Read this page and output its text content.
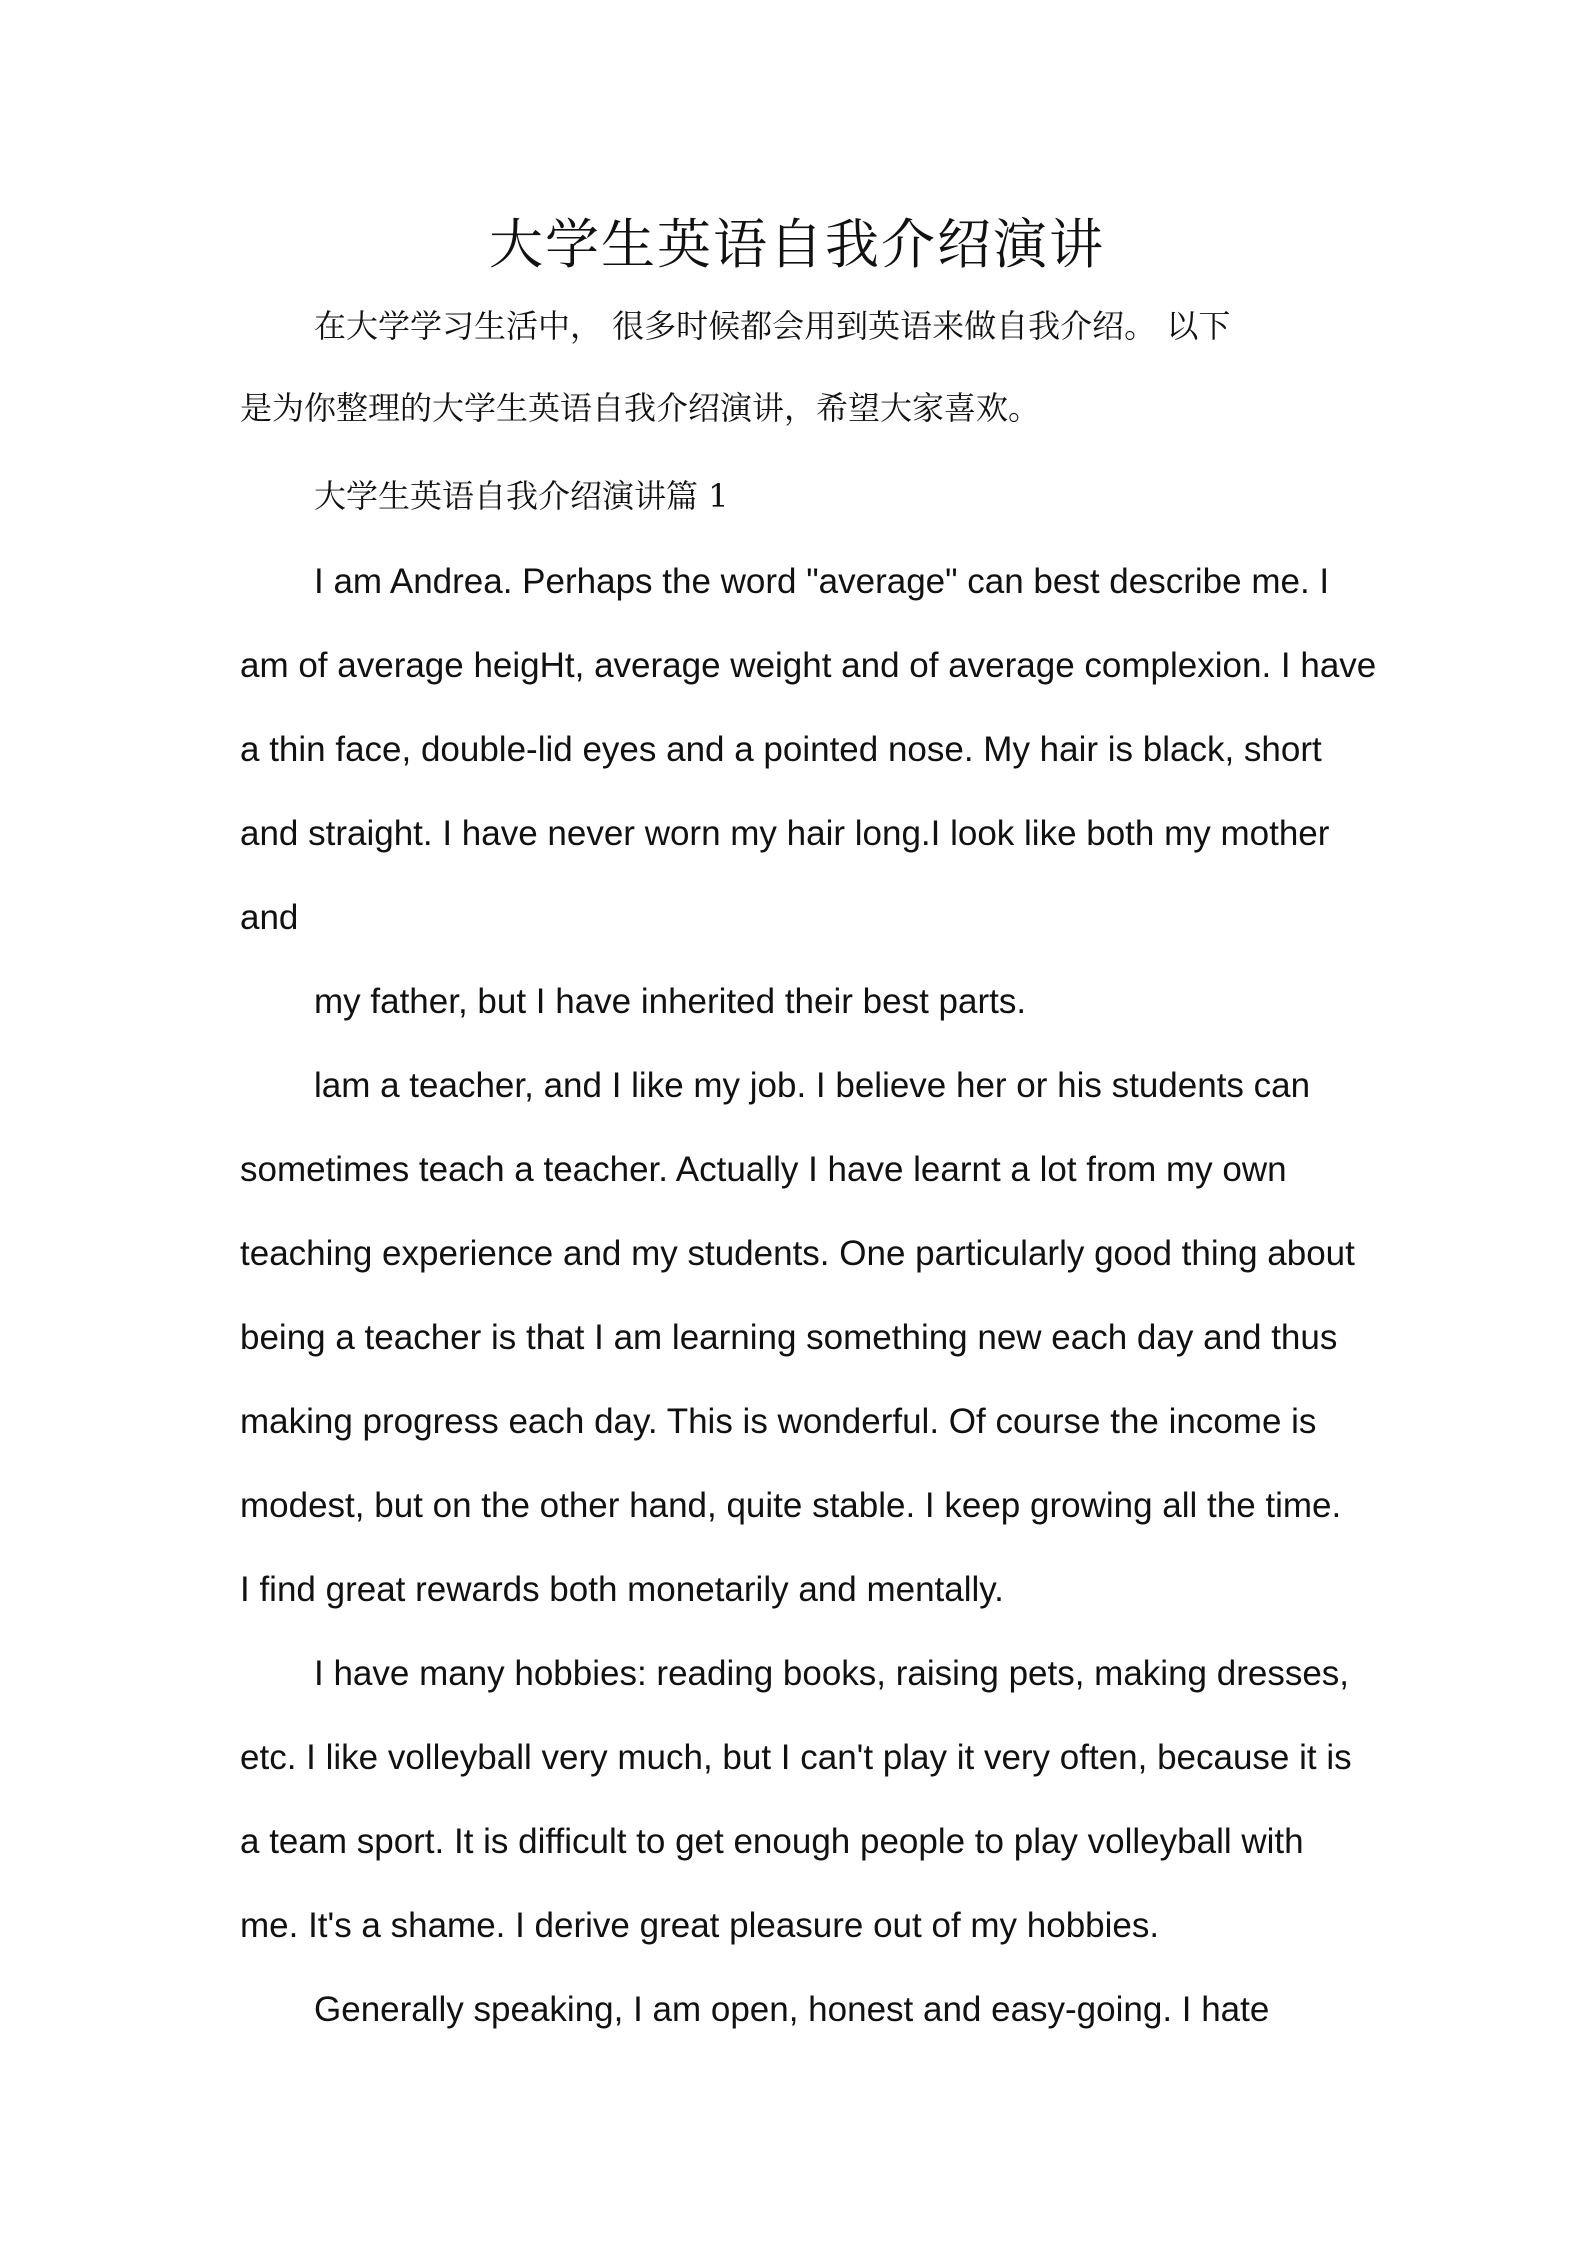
大学生英语自我介绍演讲

在大学学习生活中， 很多时候都会用到英语来做自我介绍。 以下

是为你整理的大学生英语自我介绍演讲，希望大家喜欢。

大学生英语自我介绍演讲篇 1

I am Andrea. Perhaps the word "average" can best describe me. I

am of average heigHt, average weight and of average complexion. I have

a thin face, double-lid eyes and a pointed nose. My hair is black, short

and straight. I have never worn my hair long.I look like both my mother

and

my father, but I have inherited their best parts.

lam a teacher, and I like my job. I believe her or his students can

sometimes teach a teacher. Actually I have learnt a lot from my own

teaching experience and my students. One particularly good thing about

being a teacher is that I am learning something new each day and thus

making progress each day. This is wonderful. Of course the income is

modest, but on the other hand, quite stable. I keep growing all the time.

I find great rewards both monetarily and mentally.

I have many hobbies: reading books, raising pets, making dresses,

etc. I like volleyball very much, but I can't play it very often, because it is

a team sport. It is difficult to get enough people to play volleyball with

me. It's a shame. I derive great pleasure out of my hobbies.

Generally speaking, I am open, honest and easy-going. I hate
